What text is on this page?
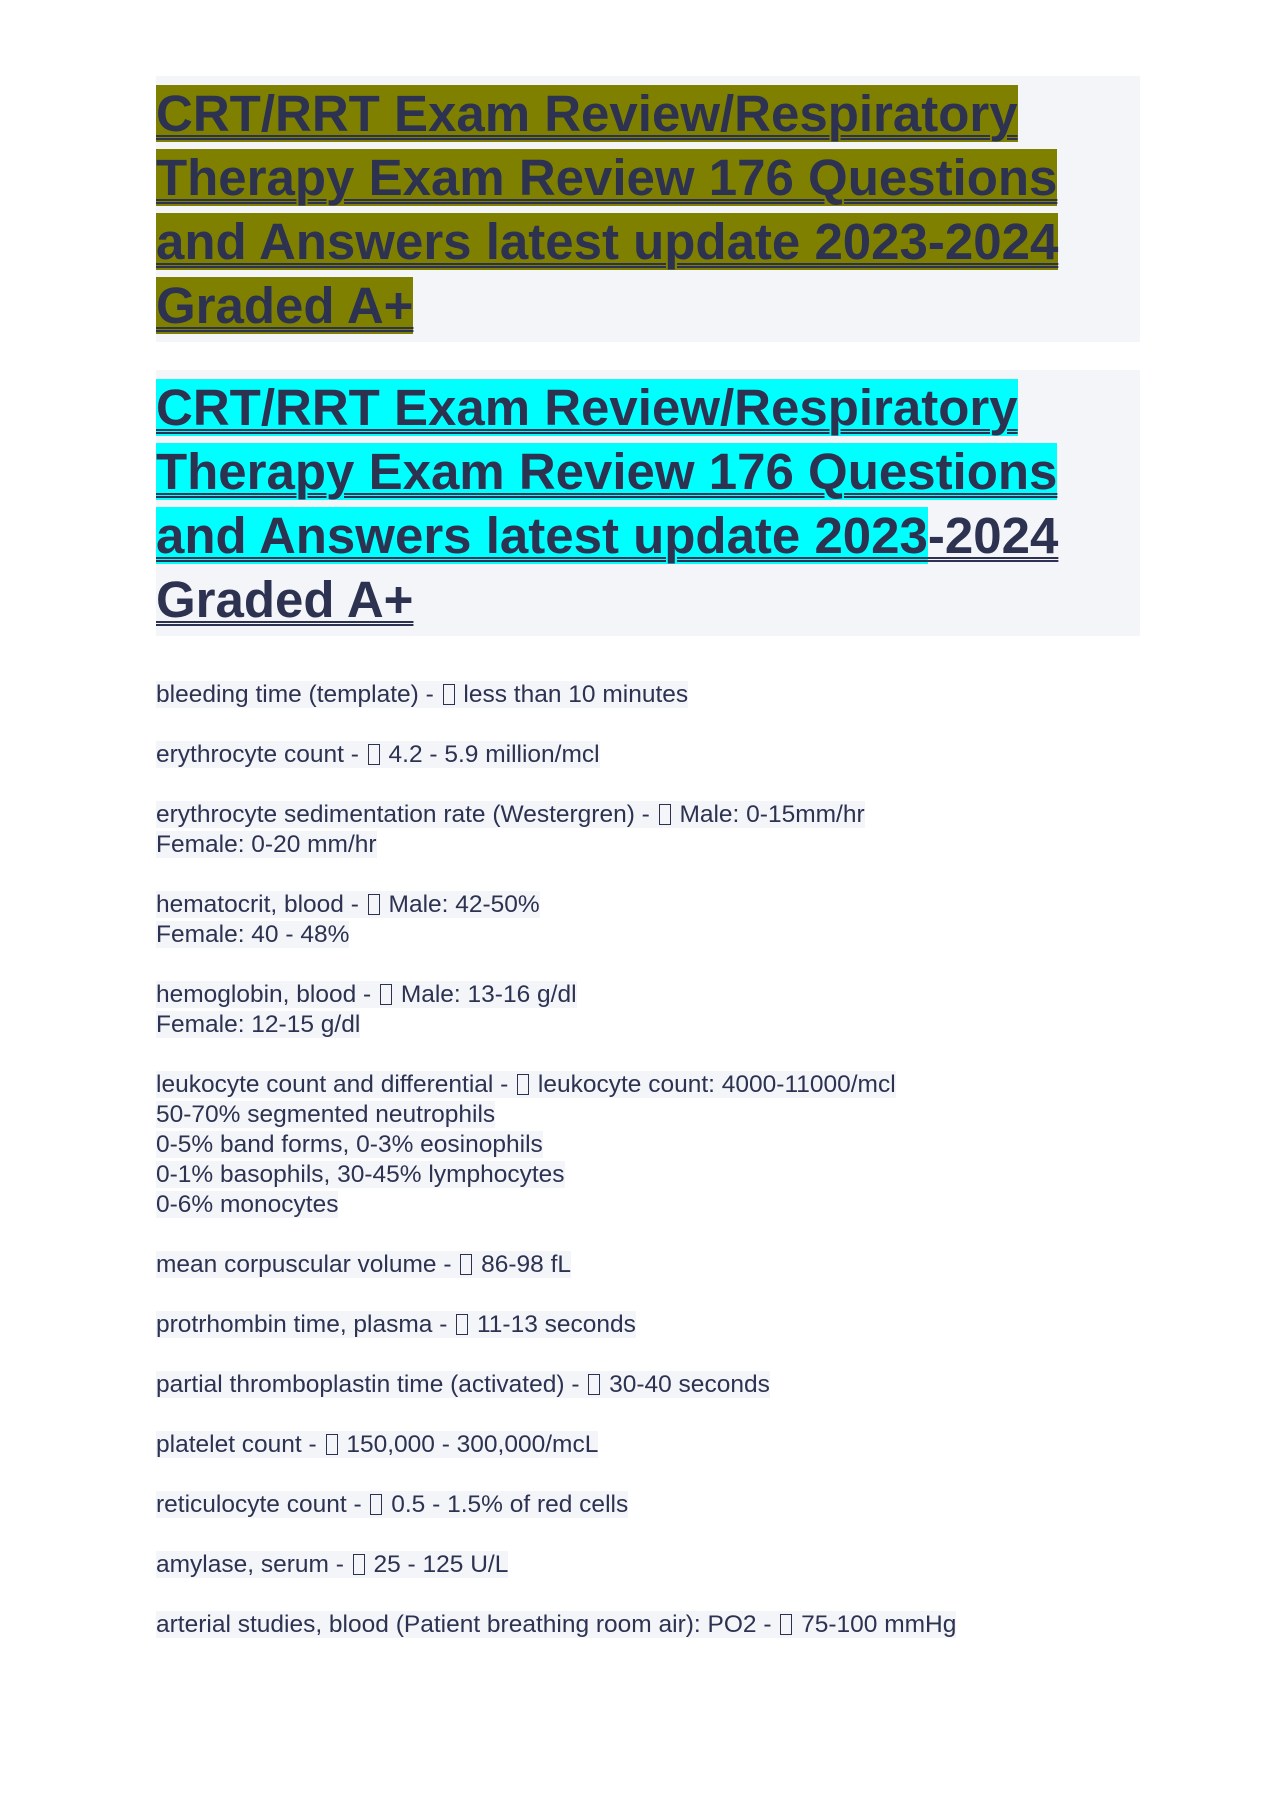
CRT/RRT Exam Review/Respiratory Therapy Exam Review 176 Questions and Answers latest update 2023-2024 Graded A+
CRT/RRT Exam Review/Respiratory Therapy Exam Review 176 Questions and Answers latest update 2023-2024 Graded A+
bleeding time (template) -  less than 10 minutes
erythrocyte count -  4.2 - 5.9 million/mcl
erythrocyte sedimentation rate (Westergren) -  Male: 0-15mm/hr
Female: 0-20 mm/hr
hematocrit, blood -  Male: 42-50%
Female: 40 - 48%
hemoglobin, blood -  Male: 13-16 g/dl
Female: 12-15 g/dl
leukocyte count and differential -  leukocyte count: 4000-11000/mcl
50-70% segmented neutrophils
0-5% band forms, 0-3% eosinophils
0-1% basophils, 30-45% lymphocytes
0-6% monocytes
mean corpuscular volume -  86-98 fL
protrhombin time, plasma -  11-13 seconds
partial thromboplastin time (activated) -  30-40 seconds
platelet count -  150,000 - 300,000/mcL
reticulocyte count -  0.5 - 1.5% of red cells
amylase, serum -  25 - 125 U/L
arterial studies, blood (Patient breathing room air): PO2 -  75-100 mmHg
